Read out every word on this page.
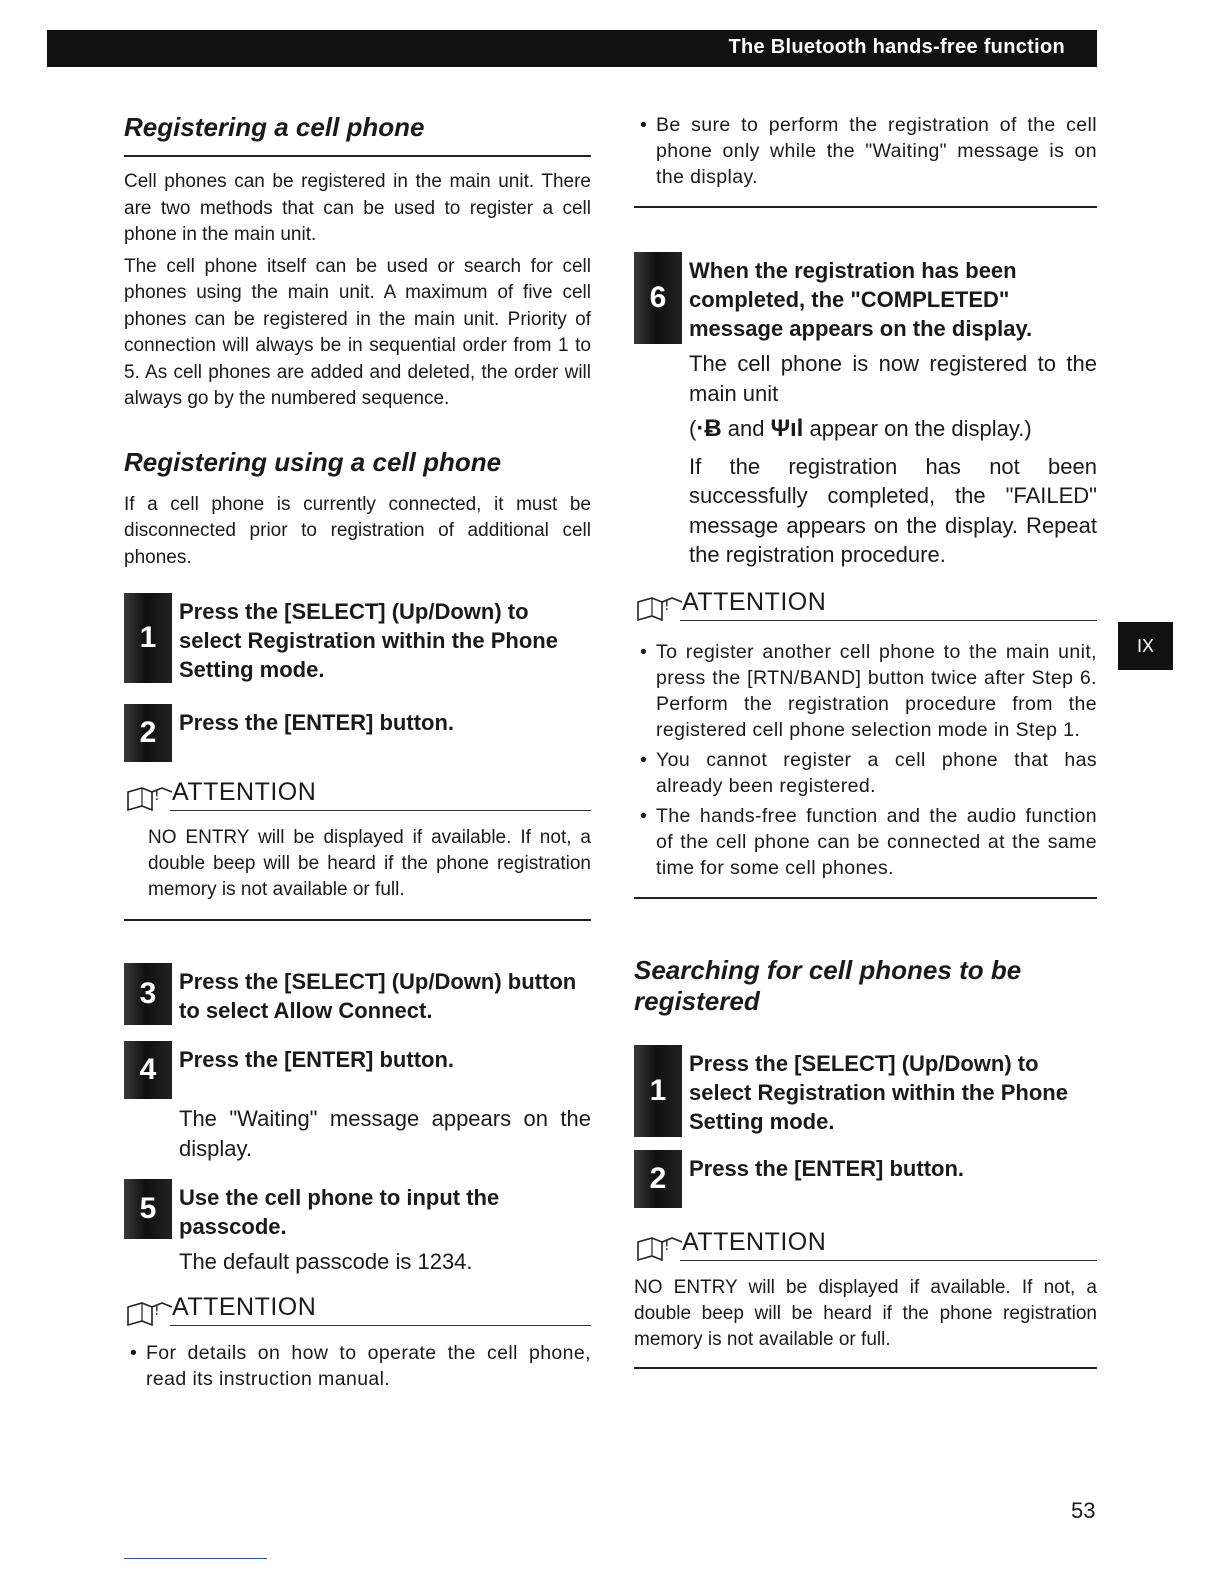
The Bluetooth hands-free function
Registering a cell phone

Cell phones can be registered in the main unit. There are two methods that can be used to register a cell phone in the main unit.

The cell phone itself can be used or search for cell phones using the main unit. A maximum of five cell phones can be registered in the main unit. Priority of connection will always be in sequential order from 1 to 5. As cell phones are added and deleted, the order will always go by the numbered sequence.

Registering using a cell phone

If a cell phone is currently connected, it must be disconnected prior to registration of additional cell phones.

1
Press the [SELECT] (Up/Down) to select Registration within the Phone Setting mode.
2	Press the [ENTER] button.
! ATTENTION
NO ENTRY will be displayed if available. If not, a double beep will be heard if the phone registration memory is not available or full.
3	Press the [SELECT] (Up/Down) button to select Allow Connect.
4	Press the [ENTER] button.
The "Waiting" message appears on the display.
5	Use the cell phone to input the passcode.
The default passcode is 1234.
! ATTENTION
• For details on how to operate the cell phone, read its instruction manual.
• Be sure to perform the registration of the cell phone only while the "Waiting" message is on the display.
6
When the registration has been completed, the "COMPLETED" message appears on the display.
The cell phone is now registered to the main unit
(·Ƀ and Ψıl appear on the display.)
If the registration has not been successfully completed, the "FAILED" message appears on the display. Repeat the registration procedure.
! ATTENTION
• To register another cell phone to the main unit, press the [RTN/BAND] button twice after Step 6. Perform the registration procedure from the registered cell phone selection mode in Step 1.
• You cannot register a cell phone that has already been registered.
• The hands-free function and the audio function of the cell phone can be connected at the same time for some cell phones.
Searching for cell phones to be registered
1
Press the [SELECT] (Up/Down) to select Registration within the Phone Setting mode.
2	Press the [ENTER] button.
! ATTENTION
NO ENTRY will be displayed if available. If not, a double beep will be heard if the phone registration memory is not available or full.
IX
53
